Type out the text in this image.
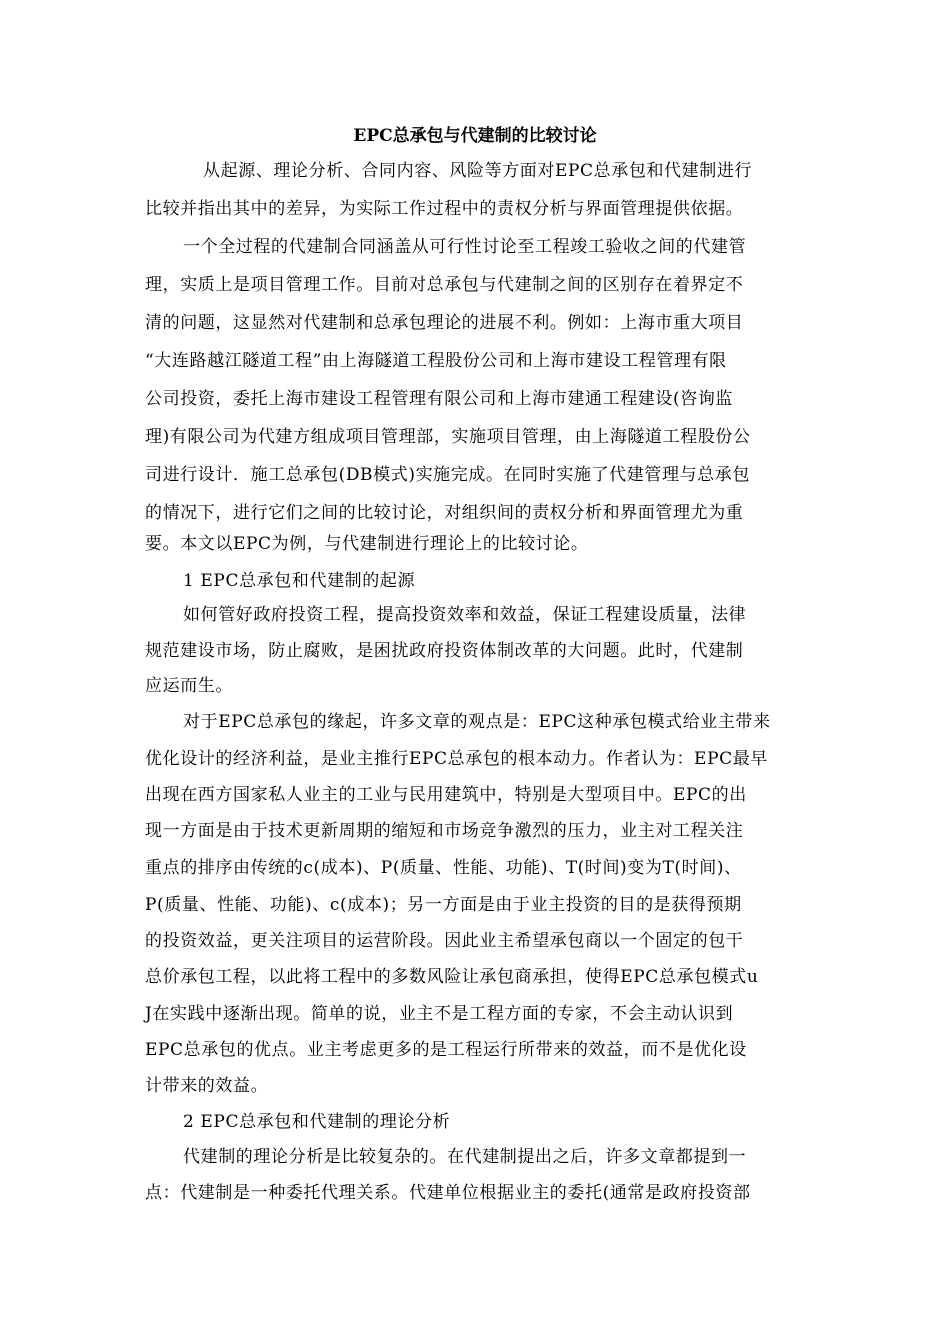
EPC总承包与代建制的比较讨论
从起源、理论分析、合同内容、风险等方面对EPC总承包和代建制进行
比较并指出其中的差异，为实际工作过程中的责权分析与界面管理提供依据。
一个全过程的代建制合同涵盖从可行性讨论至工程竣工验收之间的代建管
理，实质上是项目管理工作。目前对总承包与代建制之间的区别存在着界定不
清的问题，这显然对代建制和总承包理论的进展不利。例如：上海市重大项目
“大连路越江隧道工程”由上海隧道工程股份公司和上海市建设工程管理有限
公司投资，委托上海市建设工程管理有限公司和上海市建通工程建设(咨询监
理)有限公司为代建方组成项目管理部，实施项目管理，由上海隧道工程股份公
司进行设计．施工总承包(DB模式)实施完成。在同时实施了代建管理与总承包
的情况下，进行它们之间的比较讨论，对组织间的责权分析和界面管理尤为重
要。本文以EPC为例，与代建制进行理论上的比较讨论。
1 EPC总承包和代建制的起源
如何管好政府投资工程，提高投资效率和效益，保证工程建设质量，法律
规范建设市场，防止腐败，是困扰政府投资体制改革的大问题。此时，代建制
应运而生。
对于EPC总承包的缘起，许多文章的观点是：EPC这种承包模式给业主带来
优化设计的经济利益，是业主推行EPC总承包的根本动力。作者认为：EPC最早
出现在西方国家私人业主的工业与民用建筑中，特别是大型项目中。EPC的出
现一方面是由于技术更新周期的缩短和市场竞争激烈的压力，业主对工程关注
重点的排序由传统的c(成本)、P(质量、性能、功能)、T(时间)变为T(时间)、
P(质量、性能、功能)、c(成本)；另一方面是由于业主投资的目的是获得预期
的投资效益，更关注项目的运营阶段。因此业主希望承包商以一个固定的包干
总价承包工程，以此将工程中的多数风险让承包商承担，使得EPC总承包模式u
J在实践中逐渐出现。简单的说，业主不是工程方面的专家，不会主动认识到
EPC总承包的优点。业主考虑更多的是工程运行所带来的效益，而不是优化设
计带来的效益。
2 EPC总承包和代建制的理论分析
代建制的理论分析是比较复杂的。在代建制提出之后，许多文章都提到一
点：代建制是一种委托代理关系。代建单位根据业主的委托(通常是政府投资部
